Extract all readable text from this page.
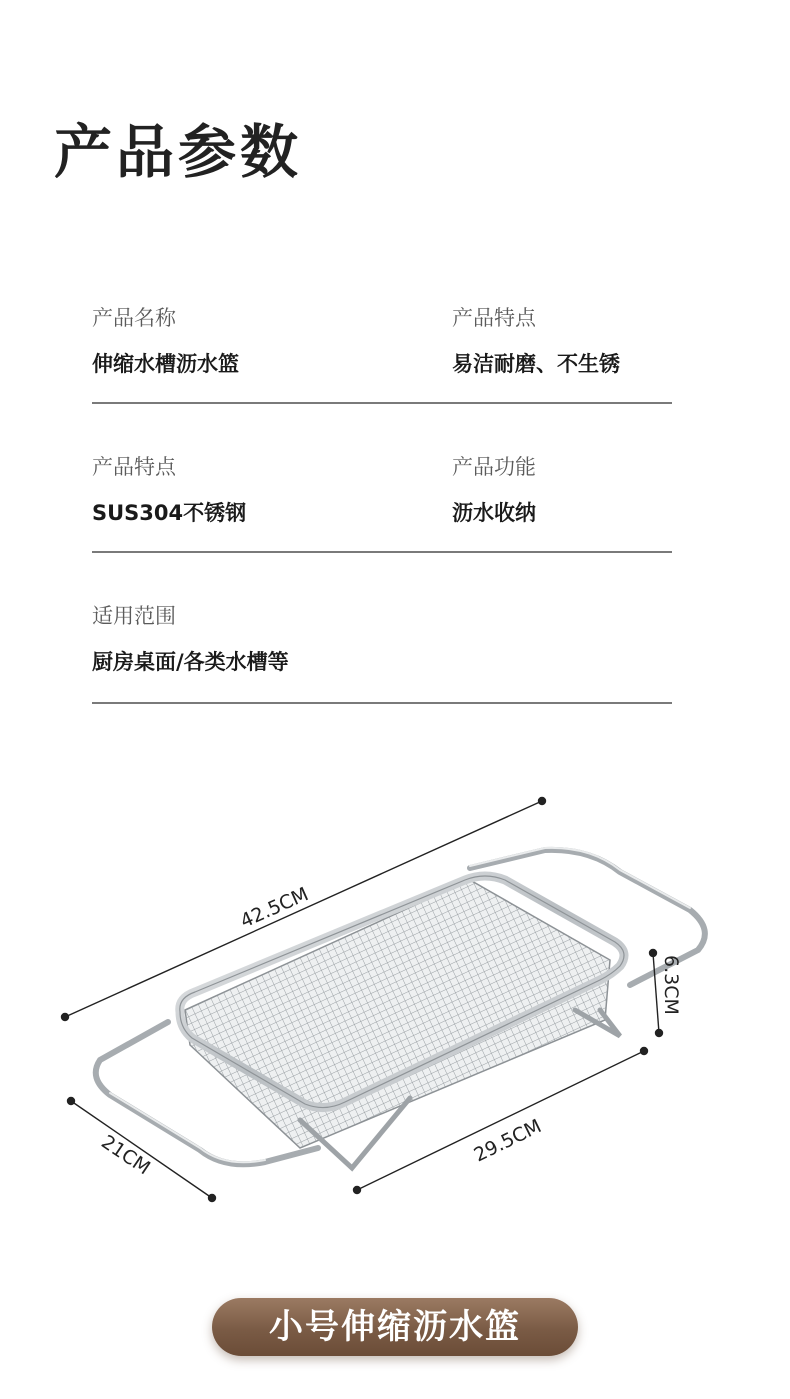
产品参数
产品名称
伸缩水槽沥水篮
产品特点
易洁耐磨、不生锈
产品特点
SUS304不锈钢
产品功能
沥水收纳
适用范围
厨房桌面/各类水槽等
42.5CM
21CM	29.5CM
6.3CM
小号伸缩沥水篮
